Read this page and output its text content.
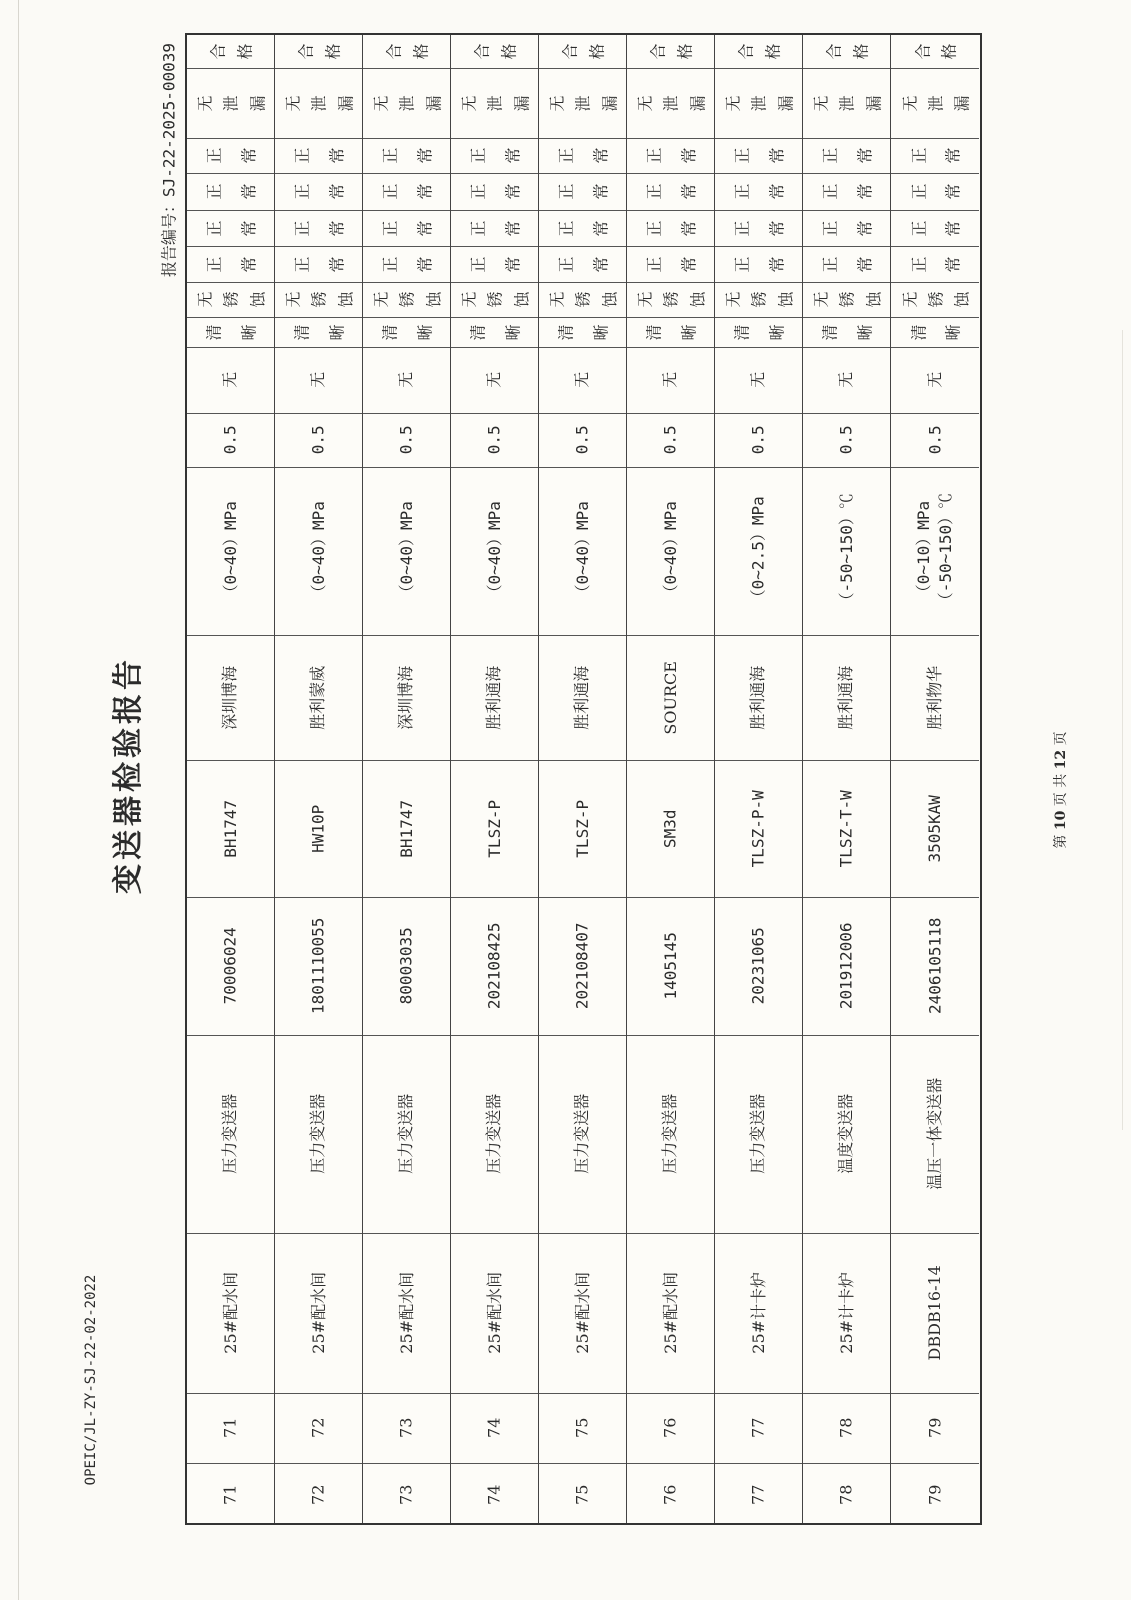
变送器检验报告
OPEIC/JL-ZY-SJ-22-02-2022
报告编号：SJ-22-2025-00039
第 10 页 共 12 页
合 格
无 泄 漏
正 常
正 常
正 常
正 常
无 锈 蚀
清 晰
无
0.5
（0~40）MPa
深圳博海
BH1747
70006024
压力变送器
25#配水间
71
71
合 格
无 泄 漏
正 常
正 常
正 常
正 常
无 锈 蚀
清 晰
无
0.5
（0~40）MPa
胜利蒙威
HW10P
1801110055
压力变送器
25#配水间
72
72
合 格
无 泄 漏
正 常
正 常
正 常
正 常
无 锈 蚀
清 晰
无
0.5
（0~40）MPa
深圳博海
BH1747
80003035
压力变送器
25#配水间
73
73
合 格
无 泄 漏
正 常
正 常
正 常
正 常
无 锈 蚀
清 晰
无
0.5
（0~40）MPa
胜利通海
TLSZ-P
202108425
压力变送器
25#配水间
74
74
合 格
无 泄 漏
正 常
正 常
正 常
正 常
无 锈 蚀
清 晰
无
0.5
（0~40）MPa
胜利通海
TLSZ-P
202108407
压力变送器
25#配水间
75
75
合 格
无 泄 漏
正 常
正 常
正 常
正 常
无 锈 蚀
清 晰
无
0.5
（0~40）MPa
SOURCE
SM3d
1405145
压力变送器
25#配水间
76
76
合 格
无 泄 漏
正 常
正 常
正 常
正 常
无 锈 蚀
清 晰
无
0.5
（0~2.5）MPa
胜利通海
TLSZ-P-W
20231065
压力变送器
25#计卡炉
77
77
合 格
无 泄 漏
正 常
正 常
正 常
正 常
无 锈 蚀
清 晰
无
0.5
（-50~150）℃
胜利通海
TLSZ-T-W
201912006
温度变送器
25#计卡炉
78
78
合 格
无 泄 漏
正 常
正 常
正 常
正 常
无 锈 蚀
清 晰
无
0.5
（0~10）MPa （-50~150）℃
胜利物华
3505KAW
2406105118
温压一体变送器
DBDB16-14
79
79
